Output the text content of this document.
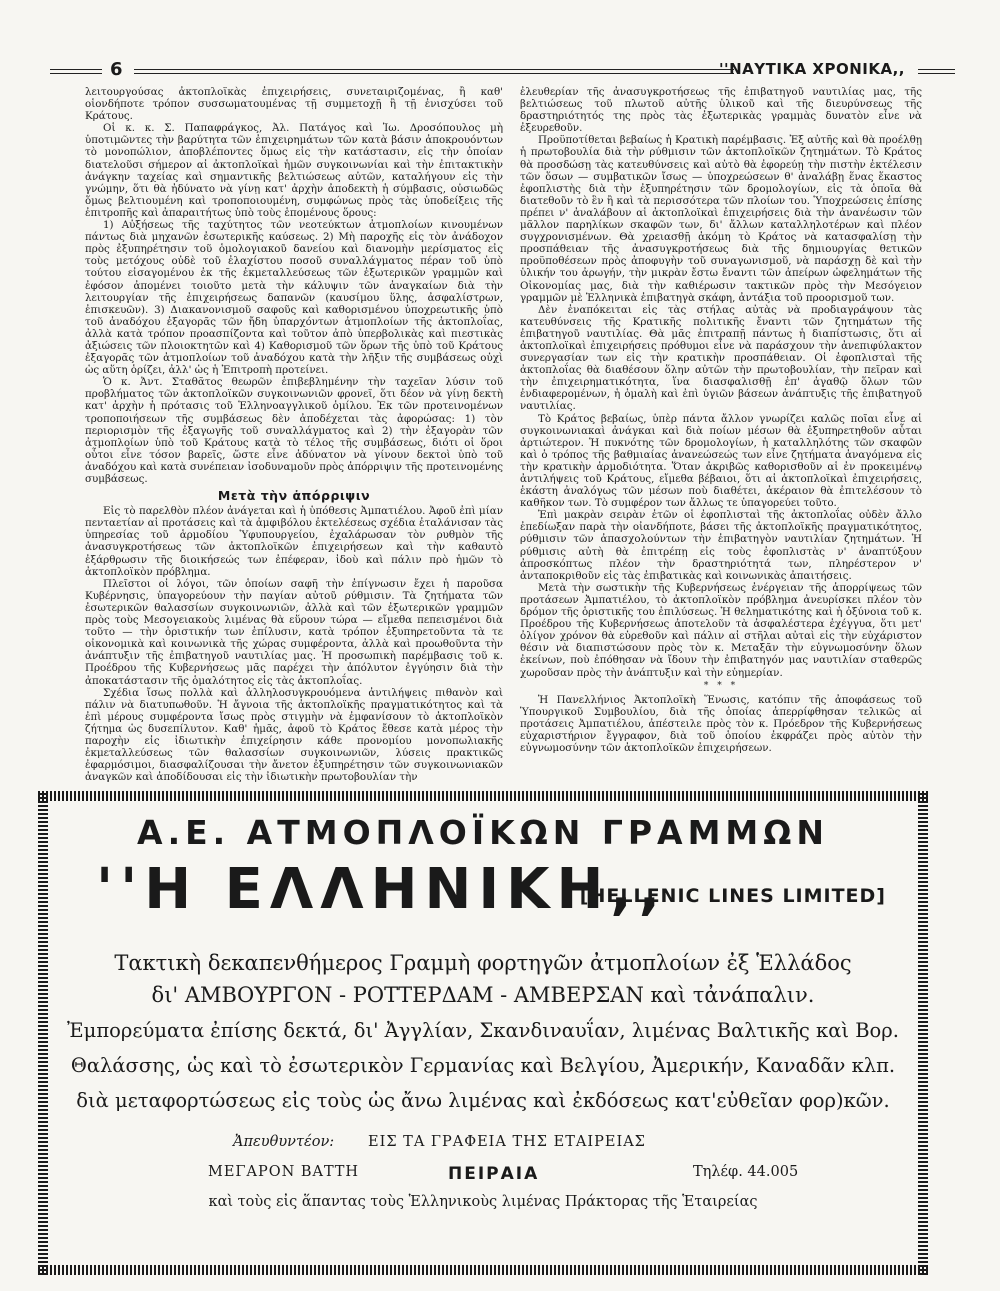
6	''ΝΑΥΤΙΚΑ ΧΡΟΝΙΚΑ,,

λειτουργούσας ἀκτοπλοϊκὰς ἐπιχειρήσεις, συνεταιριζομένας, ἢ καθ' οἱονδήποτε τρόπον συσσωματουμένας τῇ συμμετοχῇ ἢ τῇ ἐνισχύσει τοῦ Κράτους.

Οἱ κ. κ. Σ. Παπαφράγκος, Ἀλ. Πατάγος καὶ Ἰω. Δροσόπουλος μὴ ὑποτιμῶντες τὴν βαρύτητα τῶν ἐπιχειρημάτων τῶν κατὰ βάσιν ἀποκρουόντων τὸ μονοπώλιον, ἀποβλέποντες ὅμως εἰς τὴν κατάστασιν, εἰς τὴν ὁποίαν διατελοῦσι σήμερον αἱ ἀκτοπλοϊκαὶ ἡμῶν συγκοινωνίαι καὶ τὴν ἐπιτακτικὴν ἀνάγκην ταχείας καὶ σημαντικῆς βελτιώσεως αὐτῶν, καταλήγουν εἰς τὴν γνώμην, ὅτι θὰ ἠδύνατο νὰ γίνῃ κατ' ἀρχὴν ἀποδεκτὴ ἡ σύμβασις, οὐσιωδῶς ὅμως βελτιουμένη καὶ τροποποιουμένη, συμφώνως πρὸς τὰς ὑποδείξεις τῆς ἐπιτροπῆς καὶ ἀπαραιτήτως ὑπὸ τοὺς ἑπομένους ὅρους:

1) Αὐξήσεως τῆς ταχύτητος τῶν νεοτεύκτων ἀτμοπλοίων κινουμένων πάντως διὰ μηχανῶν ἐσωτερικῆς καύσεως. 2) Μὴ παροχῆς εἰς τὸν ἀνάδοχον πρὸς ἐξυπηρέτησιν τοῦ ὁμολογιακοῦ δανείου καὶ διανομὴν μερίσματος εἰς τοὺς μετόχους οὐδὲ τοῦ ἐλαχίστου ποσοῦ συναλλάγματος πέραν τοῦ ὑπὸ τούτου εἰσαγομένου ἐκ τῆς ἐκμεταλλεύσεως τῶν ἐξωτερικῶν γραμμῶν καὶ ἐφόσον ἀπομένει τοιοῦτο μετὰ τὴν κάλυψιν τῶν ἀναγκαίων διὰ τὴν λειτουργίαν τῆς ἐπιχειρήσεως δαπανῶν (καυσίμου ὕλης, ἀσφαλίστρων, ἐπισκευῶν). 3) Διακανονισμοῦ σαφοῦς καὶ καθορισμένου ὑποχρεωτικῆς ὑπὸ τοῦ ἀναδόχου ἐξαγορᾶς τῶν ἤδη ὑπαρχόντων ἀτμοπλοίων τῆς ἀκτοπλοΐας, ἀλλὰ κατὰ τρόπον προασπίζοντα καὶ τοῦτον ἀπὸ ὑπερβολικὰς καὶ πιεστικὰς ἀξιώσεις τῶν πλοιοκτητῶν καὶ 4) Καθορισμοῦ τῶν ὅρων τῆς ὑπὸ τοῦ Κράτους ἐξαγορᾶς τῶν ἀτμοπλοίων τοῦ ἀναδόχου κατὰ τὴν λῆξιν τῆς συμβάσεως οὐχὶ ὡς αὕτη ὁρίζει, ἀλλ' ὡς ἡ Ἐπιτροπὴ προτείνει.

Ὁ κ. Ἀντ. Σταθᾶτος θεωρῶν ἐπιβεβλημένην τὴν ταχεῖαν λύσιν τοῦ προβλήματος τῶν ἀκτοπλοϊκῶν συγκοινωνιῶν φρονεῖ, ὅτι δέον νὰ γίνῃ δεκτὴ κατ' ἀρχὴν ἡ πρότασις τοῦ Ἑλληνοαγγλικοῦ ὁμίλου. Ἐκ τῶν προτεινομένων τροποποιήσεων τῆς συμβάσεως δὲν ἀποδέχεται τὰς ἀφορώσας: 1) τὸν περιορισμὸν τῆς ἐξαγωγῆς τοῦ συναλλάγματος καὶ 2) τὴν ἐξαγορὰν τῶν ἀτμοπλοίων ὑπὸ τοῦ Κράτους κατὰ τὸ τέλος τῆς συμβάσεως, διότι οἱ ὅροι οὗτοι εἶνε τόσον βαρεῖς, ὥστε εἶνε ἀδύνατον νὰ γίνουν δεκτοὶ ὑπὸ τοῦ ἀναδόχου καὶ κατὰ συνέπειαν ἰσοδυναμοῦν πρὸς ἀπόρριψιν τῆς προτεινομένης συμβάσεως.

Μετὰ τὴν ἀπόρριψιν

Εἰς τὸ παρελθὸν πλέον ἀνάγεται καὶ ἡ ὑπόθεσις Ἀμπατιέλου. Ἀφοῦ ἐπὶ μίαν πενταετίαν αἱ προτάσεις καὶ τὰ ἀμφιβόλου ἐκτελέσεως σχέδια ἐταλάνισαν τὰς ὑπηρεσίας τοῦ ἁρμοδίου Ὑφυπουργείου, ἐχαλάρωσαν τὸν ρυθμὸν τῆς ἀνασυγκροτήσεως τῶν ἀκτοπλοϊκῶν ἐπιχειρήσεων καὶ τὴν καθαυτὸ ἐξάρθρωσιν τῆς διοικήσεώς των ἐπέφεραν, ἰδοὺ καὶ πάλιν πρὸ ἡμῶν τὸ ἀκτοπλοϊκὸν πρόβλημα.

Πλεῖστοι οἱ λόγοι, τῶν ὁποίων σαφῆ τὴν ἐπίγνωσιν ἔχει ἡ παροῦσα Κυβέρνησις, ὑπαγορεύουν τὴν παγίαν αὐτοῦ ρύθμισιν. Τὰ ζητήματα τῶν ἐσωτερικῶν θαλασσίων συγκοινωνιῶν, ἀλλὰ καὶ τῶν ἐξωτερικῶν γραμμῶν πρὸς τοὺς Μεσογειακοὺς λιμένας θὰ εὕρουν τώρα — εἴμεθα πεπεισμένοι διὰ τοῦτο — τὴν ὁριστικήν των ἐπίλυσιν, κατὰ τρόπον ἐξυπηρετοῦντα τὰ τε οἰκονομικὰ καὶ κοινωνικὰ τῆς χώρας συμφέροντα, ἀλλὰ καὶ προωθοῦντα τὴν ἀνάπτυξιν τῆς ἐπιβατηγοῦ ναυτιλίας μας. Ἡ προσωπικὴ παρέμβασις τοῦ κ. Προέδρου τῆς Κυβερνήσεως μᾶς παρέχει τὴν ἀπόλυτον ἐγγύησιν διὰ τὴν ἀποκατάστασιν τῆς ὁμαλότητος εἰς τὰς ἀκτοπλοΐας.

Σχέδια ἴσως πολλὰ καὶ ἀλληλοσυγκρουόμενα ἀντιλήψεις πιθανὸν καὶ πάλιν νὰ διατυπωθοῦν. Ἡ ἄγνοια τῆς ἀκτοπλοϊκῆς πραγματικότητος καὶ τὰ ἐπὶ μέρους συμφέροντα ἴσως πρὸς στιγμὴν νὰ ἐμφανίσουν τὸ ἀκτοπλοϊκὸν ζήτημα ὡς δυσεπίλυτον. Καθ' ἡμᾶς, ἀφοῦ τὸ Κράτος ἔθεσε κατὰ μέρος τὴν παροχὴν εἰς ἰδιωτικὴν ἐπιχείρησιν κάθε προνομίου μονοπωλιακῆς ἐκμεταλλεύσεως τῶν θαλασσίων συγκοινωνιῶν, λύσεις πρακτικῶς ἐφαρμόσιμοι, διασφαλίζουσαι τὴν ἄνετον ἐξυπηρέτησιν τῶν συγκοινωνιακῶν ἀναγκῶν καὶ ἀποδίδουσαι εἰς τὴν ἰδιωτικὴν πρωτοβουλίαν τὴν

ἐλευθερίαν τῆς ἀνασυγκροτήσεως τῆς ἐπιβατηγοῦ ναυτιλίας μας, τῆς βελτιώσεως τοῦ πλωτοῦ αὐτῆς ὑλικοῦ καὶ τῆς διευρύνσεως τῆς δραστηριότητός της πρὸς τὰς ἐξωτερικὰς γραμμὰς δυνατὸν εἶνε νὰ ἐξευρεθοῦν.

Προϋποτίθεται βεβαίως ἡ Κρατικὴ παρέμβασις. Ἐξ αὐτῆς καὶ θὰ προέλθῃ ἡ πρωτοβουλία διὰ τὴν ρύθμισιν τῶν ἀκτοπλοϊκῶν ζητημάτων. Τὸ Κράτος θὰ προσδώσῃ τὰς κατευθύνσεις καὶ αὐτὸ θὰ ἐφορεύῃ τὴν πιστὴν ἐκτέλεσιν τῶν ὅσων — συμβατικῶν ἴσως — ὑποχρεώσεων θ' ἀναλάβῃ ἕνας ἕκαστος ἐφοπλιστὴς διὰ τὴν ἐξυπηρέτησιν τῶν δρομολογίων, εἰς τὰ ὁποῖα θὰ διατεθοῦν τὸ ἓν ἢ καὶ τὰ περισσότερα τῶν πλοίων του. Ὑποχρεώσεις ἐπίσης πρέπει ν' ἀναλάβουν αἱ ἀκτοπλοϊκαὶ ἐπιχειρήσεις διὰ τὴν ἀνανέωσιν τῶν μᾶλλον παρηλίκων σκαφῶν των, δι' ἄλλων καταλληλοτέρων καὶ πλέον συγχρονισμένων. Θὰ χρειασθῇ ἀκόμη τὸ Κράτος νὰ κατασφαλίσῃ τὴν προσπάθειαν τῆς ἀνασυγκροτήσεως διὰ τῆς δημιουργίας θετικῶν προϋποθέσεων πρὸς ἀποφυγὴν τοῦ συναγωνισμοῦ, νὰ παράσχῃ δὲ καὶ τὴν ὑλικήν του ἀρωγήν, τὴν μικρὰν ἔστω ἔναντι τῶν ἀπείρων ὠφελημάτων τῆς Οἰκονομίας μας, διὰ τὴν καθιέρωσιν τακτικῶν πρὸς τὴν Μεσόγειον γραμμῶν μὲ Ἑλληνικὰ ἐπιβατηγὰ σκάφη, ἀντάξια τοῦ προορισμοῦ των.

Δὲν ἐναπόκειται εἰς τὰς στήλας αὐτὰς νὰ προδιαγράψουν τὰς κατευθύνσεις τῆς Κρατικῆς πολιτικῆς ἔναντι τῶν ζητημάτων τῆς ἐπιβατηγοῦ ναυτιλίας. Θὰ μᾶς ἐπιτραπῇ πάντως ἡ διαπίστωσις, ὅτι αἱ ἀκτοπλοϊκαὶ ἐπιχειρήσεις πρόθυμοι εἶνε νὰ παράσχουν τὴν ἀνεπιφύλακτον συνεργασίαν των εἰς τὴν κρατικὴν προσπάθειαν. Οἱ ἐφοπλισταὶ τῆς ἀκτοπλοΐας θὰ διαθέσουν ὅλην αὐτῶν τὴν πρωτοβουλίαν, τὴν πεῖραν καὶ τὴν ἐπιχειρηματικότητα, ἵνα διασφαλισθῇ ἐπ' ἀγαθῷ ὅλων τῶν ἐνδιαφερομένων, ἡ ὁμαλὴ καὶ ἐπὶ ὑγιῶν βάσεων ἀνάπτυξις τῆς ἐπιβατηγοῦ ναυτιλίας.

Τὸ Κράτος βεβαίως, ὑπὲρ πάντα ἄλλον γνωρίζει καλῶς ποῖαι εἶνε αἱ συγκοινωνιακαὶ ἀνάγκαι καὶ διὰ ποίων μέσων θὰ ἐξυπηρετηθοῦν αὗται ἀρτιώτερον. Ἡ πυκνότης τῶν δρομολογίων, ἡ καταλληλότης τῶν σκαφῶν καὶ ὁ τρόπος τῆς βαθμιαίας ἀνανεώσεώς των εἶνε ζητήματα ἀναγόμενα εἰς τὴν κρατικὴν ἁρμοδιότητα. Ὅταν ἀκριβῶς καθορισθοῦν αἱ ἐν προκειμένῳ ἀντιλήψεις τοῦ Κράτους, εἴμεθα βέβαιοι, ὅτι αἱ ἀκτοπλοϊκαὶ ἐπιχειρήσεις, ἑκάστη ἀναλόγως τῶν μέσων ποὺ διαθέτει, ἀκέραιον θὰ ἐπιτελέσουν τὸ καθῆκον των. Τὸ συμφέρον των ἄλλως τε ὑπαγορεύει τοῦτο.

Ἐπὶ μακρὰν σειρὰν ἐτῶν οἱ ἐφοπλισταὶ τῆς ἀκτοπλοΐας οὐδὲν ἄλλο ἐπεδίωξαν παρὰ τὴν οἰανδήποτε, βάσει τῆς ἀκτοπλοϊκῆς πραγματικότητος, ρύθμισιν τῶν ἀπασχολούντων τὴν ἐπιβατηγὸν ναυτιλίαν ζητημάτων. Ἡ ρύθμισις αὐτὴ θὰ ἐπιτρέπῃ εἰς τοὺς ἐφοπλιστὰς ν' ἀναπτύξουν ἀπροσκόπτως πλέον τὴν δραστηριότητά των, πληρέστερον ν' ἀνταποκριθοῦν εἰς τὰς ἐπιβατικὰς καὶ κοινωνικὰς ἀπαιτήσεις.

Μετὰ τὴν σωστικὴν τῆς Κυβερνήσεως ἐνέργειαν τῆς ἀπορρίψεως τῶν προτάσεων Ἀμπατιέλου, τὸ ἀκτοπλοϊκὸν πρόβλημα ἀνευρίσκει πλέον τὸν δρόμον τῆς ὁριστικῆς του ἐπιλύσεως. Ἡ θεληματικότης καὶ ἡ ὀξύνοια τοῦ κ. Προέδρου τῆς Κυβερνήσεως ἀποτελοῦν τὰ ἀσφαλέστερα ἐχέγγυα, ὅτι μετ' ὀλίγον χρόνον θὰ εὑρεθοῦν καὶ πάλιν αἱ στῆλαι αὐταὶ εἰς τὴν εὐχάριστον θέσιν νὰ διαπιστώσουν πρὸς τὸν κ. Μεταξᾶν τὴν εὐγνωμοσύνην ὅλων ἐκείνων, ποὺ ἐπόθησαν νὰ ἴδουν τὴν ἐπιβατηγόν μας ναυτιλίαν σταθερῶς χωροῦσαν πρὸς τὴν ἀνάπτυξιν καὶ τὴν εὐημερίαν.

* * *

Ἡ Πανελλήνιος Ἀκτοπλοϊκὴ Ἕνωσις, κατόπιν τῆς ἀποφάσεως τοῦ Ὑπουργικοῦ Συμβουλίου, διὰ τῆς ὁποίας ἀπερρίφθησαν τελικῶς αἱ προτάσεις Ἀμπατιέλου, ἀπέστειλε πρὸς τὸν κ. Πρόεδρον τῆς Κυβερνήσεως εὐχαριστήριον ἔγγραφον, διὰ τοῦ ὁποίου ἐκφράζει πρὸς αὐτὸν τὴν εὐγνωμοσύνην τῶν ἀκτοπλοϊκῶν ἐπιχειρήσεων.

Α.Ε. ΑΤΜΟΠΛΟΪΚΩΝ ΓΡΑΜΜΩΝ
''Η ΕΛΛΗΝΙΚΗ,,
[HELLENIC LINES LIMITED]
Τακτικὴ δεκαπενθήμερος Γραμμὴ φορτηγῶν ἀτμοπλοίων ἐξ Ἑλλάδος
δι' ΑΜΒΟΥΡΓΟΝ - ΡΟΤΤΕΡΔΑΜ - ΑΜΒΕΡΣΑΝ καὶ τἀνάπαλιν.
Ἐμπορεύματα ἐπίσης δεκτά, δι' Ἀγγλίαν, Σκανδιναυΐαν, λιμένας Βαλτικῆς καὶ Βορ.
Θαλάσσης, ὡς καὶ τὸ ἐσωτερικὸν Γερμανίας καὶ Βελγίου, Ἀμερικήν, Καναδᾶν κλπ.
διὰ μεταφορτώσεως εἰς τοὺς ὡς ἄνω λιμένας καὶ ἐκδόσεως κατ'εὐθεῖαν φορ)κῶν.
Ἀπευθυντέον: ΕΙΣ ΤΑ ΓΡΑΦΕΙΑ ΤΗΣ ΕΤΑΙΡΕΙΑΣ
ΜΕΓΑΡΟΝ ΒΑΤΤΗ	ΠΕΙΡΑΙΑ	Τηλέφ. 44.005
καὶ τοὺς εἰς ἅπαντας τοὺς Ἑλληνικοὺς λιμένας Πράκτορας τῆς Ἑταιρείας
